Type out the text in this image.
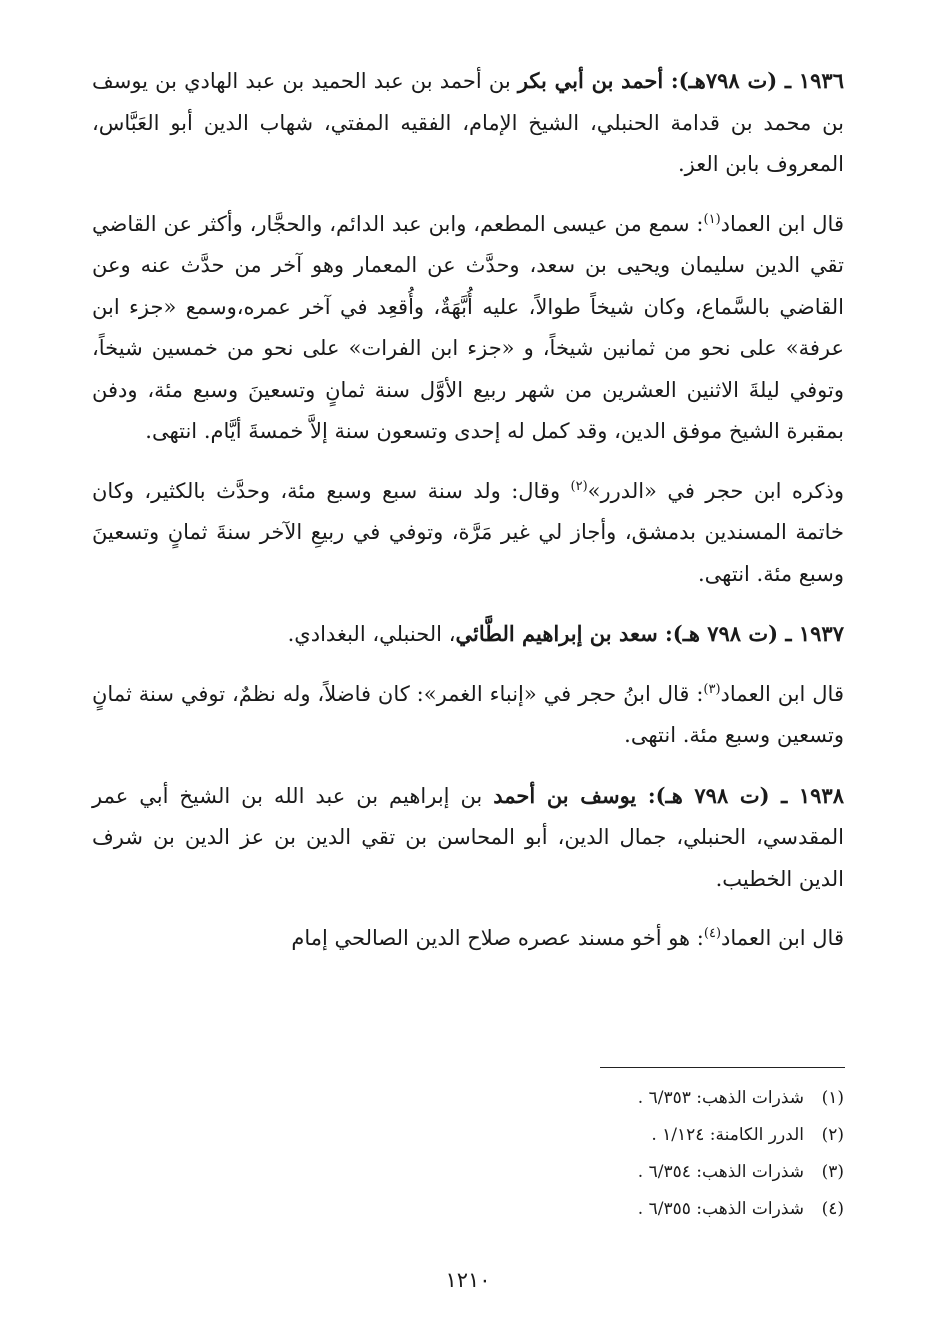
١٩٣٦ ـ (ت ٧٩٨هـ): أحمد بن أبي بكر بن أحمد بن عبد الحميد بن عبد الهادي بن يوسف بن محمد بن قدامة الحنبلي، الشيخ الإمام، الفقيه المفتي، شهاب الدين أبو العَبَّاس، المعروف بابن العز.

قال ابن العماد$^{(١)}$: سمع من عيسى المطعم، وابن عبد الدائم، والحجَّار، وأكثر عن القاضي تقي الدين سليمان ويحيى بن سعد، وحدَّث عن المعمار وهو آخر من حدَّث عنه وعن القاضي بالسَّماع، وكان شيخاً طوالاً، عليه أُبَّهَةٌ، وأُقعِد في آخر عمره،وسمع «جزء ابن عرفة» على نحو من ثمانين شيخاً، و «جزء ابن الفرات» على نحو من خمسين شيخاً، وتوفي ليلةَ الاثنين العشرين من شهر ربيع الأوَّل سنة ثمانٍ وتسعينَ وسبع مئة، ودفن بمقبرة الشيخ موفق الدين، وقد كمل له إحدى وتسعون سنة إلاَّ خمسةَ أيَّام. انتهى.

وذكره ابن حجر في «الدرر»$^{(٢)}$ وقال: ولد سنة سبع وسبع مئة، وحدَّث بالكثير، وكان خاتمة المسندين بدمشق، وأجاز لي غير مَرَّة، وتوفي في ربيعِ الآخر سنةَ ثمانٍ وتسعينَ وسبع مئة. انتهى.

١٩٣٧ ـ (ت ٧٩٨ هـ): سعد بن إبراهيم الطَّائي، الحنبلي، البغدادي.

قال ابن العماد$^{(٣)}$: قال ابنُ حجر في «إنباء الغمر»: كان فاضلاً، وله نظمٌ، توفي سنة ثمانٍ وتسعين وسبع مئة. انتهى.

١٩٣٨ ـ (ت ٧٩٨ هـ): يوسف بن أحمد بن إبراهيم بن عبد الله بن الشيخ أبي عمر المقدسي، الحنبلي، جمال الدين، أبو المحاسن بن تقي الدين بن عز الدين بن شرف الدين الخطيب.

قال ابن العماد$^{(٤)}$: هو أخو مسند عصره صلاح الدين الصالحي إمام

(١)
شذرات الذهب: ٦/٣٥٣ .
(٢)
الدرر الكامنة: ١/١٢٤ .
(٣)
شذرات الذهب: ٦/٣٥٤ .
(٤)
شذرات الذهب: ٦/٣٥٥ .
١٢١٠
